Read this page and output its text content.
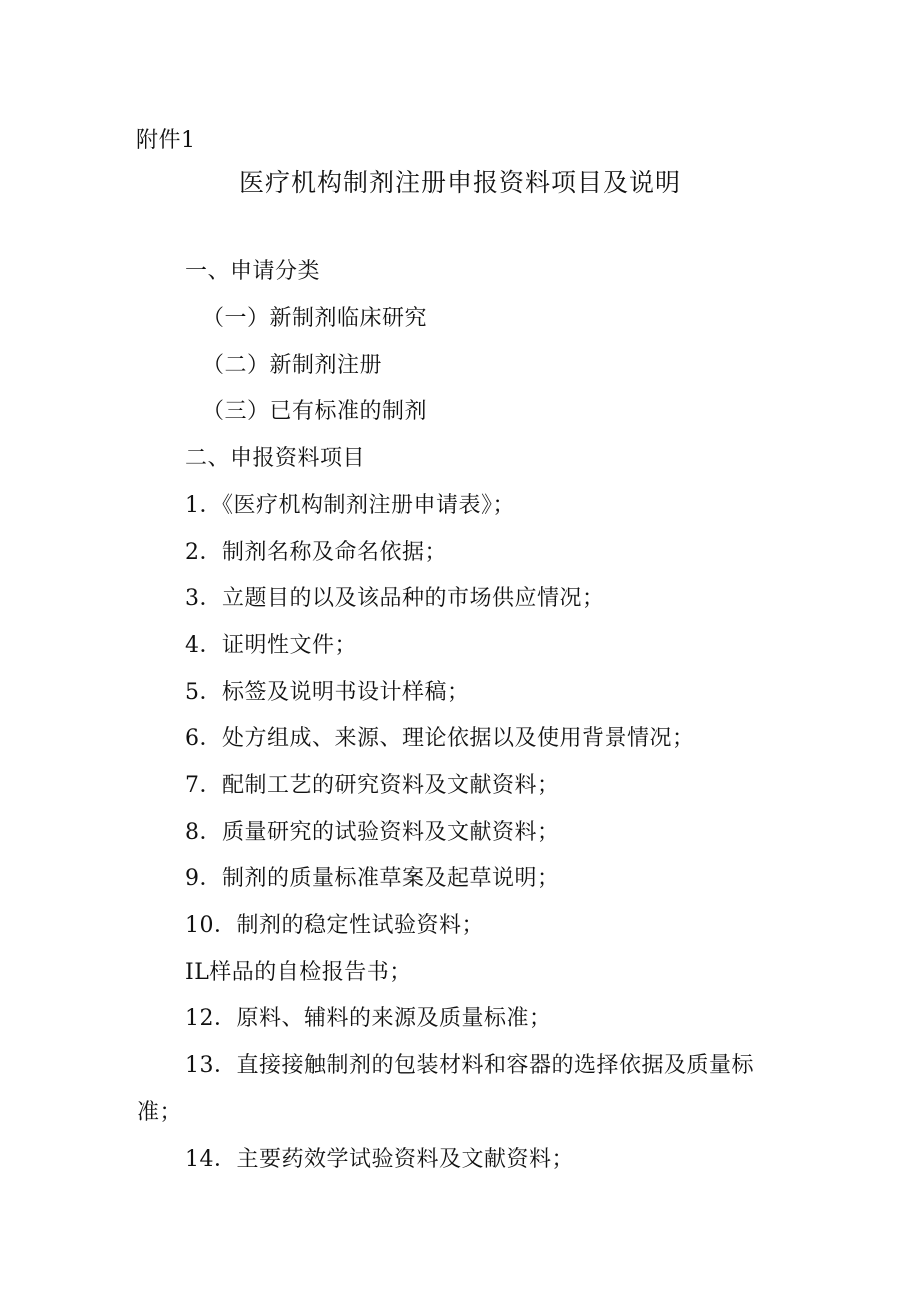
附件1
医疗机构制剂注册申报资料项目及说明
一、申请分类
（一）新制剂临床研究
（二）新制剂注册
（三）已有标准的制剂
二、申报资料项目
1．《医疗机构制剂注册申请表》；
2．制剂名称及命名依据；
3．立题目的以及该品种的市场供应情况；
4．证明性文件；
5．标签及说明书设计样稿；
6．处方组成、来源、理论依据以及使用背景情况；
7．配制工艺的研究资料及文献资料；
8．质量研究的试验资料及文献资料；
9．制剂的质量标准草案及起草说明；
10．制剂的稳定性试验资料；
IL样品的自检报告书；
12．原料、辅料的来源及质量标准；
13．直接接触制剂的包装材料和容器的选择依据及质量标
准；
14．主要药效学试验资料及文献资料；
